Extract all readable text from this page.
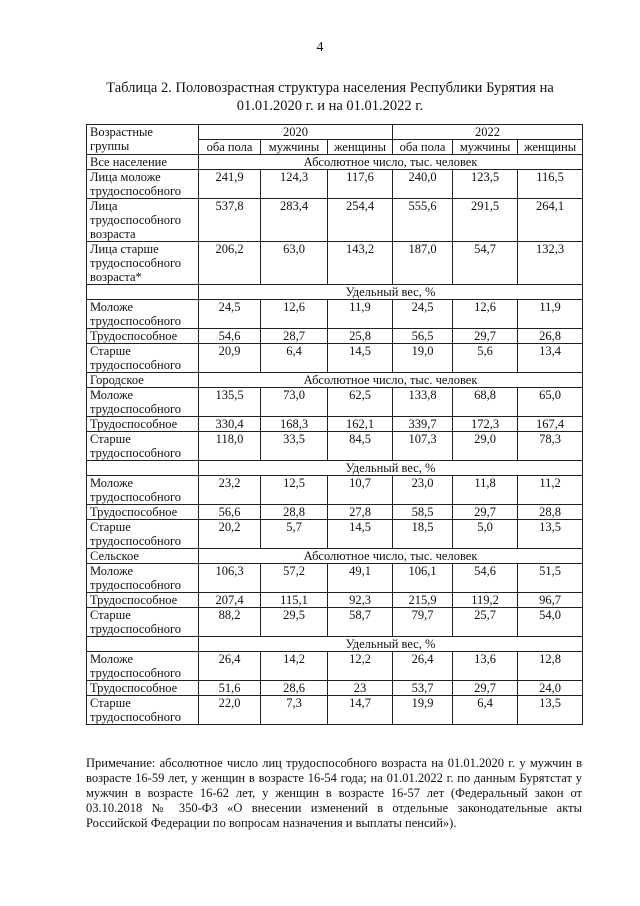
4
Таблица 2. Половозрастная структура населения Республики Бурятия на
01.01.2020 г. и на 01.01.2022 г.
Возрастные группы	2020			2022		
	оба пола	мужчины	женщины	оба пола	мужчины	женщины
Все население	Абсолютное число, тыс. человек					
Лица моложе трудоспособного	241,9	124,3	117,6	240,0	123,5	116,5
Лица трудоспособного возраста	537,8	283,4	254,4	555,6	291,5	264,1
Лица старше трудоспособного возраста*	206,2	63,0	143,2	187,0	54,7	132,3
	Удельный вес, %					
Моложе трудоспособного	24,5	12,6	11,9	24,5	12,6	11,9
Трудоспособное	54,6	28,7	25,8	56,5	29,7	26,8
Старше трудоспособного	20,9	6,4	14,5	19,0	5,6	13,4
Городское	Абсолютное число, тыс. человек					
Моложе трудоспособного	135,5	73,0	62,5	133,8	68,8	65,0
Трудоспособное	330,4	168,3	162,1	339,7	172,3	167,4
Старше трудоспособного	118,0	33,5	84,5	107,3	29,0	78,3
	Удельный вес, %					
Моложе трудоспособного	23,2	12,5	10,7	23,0	11,8	11,2
Трудоспособное	56,6	28,8	27,8	58,5	29,7	28,8
Старше трудоспособного	20,2	5,7	14,5	18,5	5,0	13,5
Сельское	Абсолютное число, тыс. человек					
Моложе трудоспособного	106,3	57,2	49,1	106,1	54,6	51,5
Трудоспособное	207,4	115,1	92,3	215,9	119,2	96,7
Старше трудоспособного	88,2	29,5	58,7	79,7	25,7	54,0
	Удельный вес, %					
Моложе трудоспособного	26,4	14,2	12,2	26,4	13,6	12,8
Трудоспособное	51,6	28,6	23	53,7	29,7	24,0
Старше трудоспособного	22,0	7,3	14,7	19,9	6,4	13,5
Примечание: абсолютное число лиц трудоспособного возраста на 01.01.2020 г. у мужчин в возрасте 16-59 лет, у женщин в возрасте 16-54 года; на 01.01.2022 г. по данным Бурятстат у мужчин в возрасте 16-62 лет, у женщин в возрасте 16-57 лет (Федеральный закон от 03.10.2018 № 350-ФЗ «О внесении изменений в отдельные законодательные акты Российской Федерации по вопросам назначения и выплаты пенсий»).
